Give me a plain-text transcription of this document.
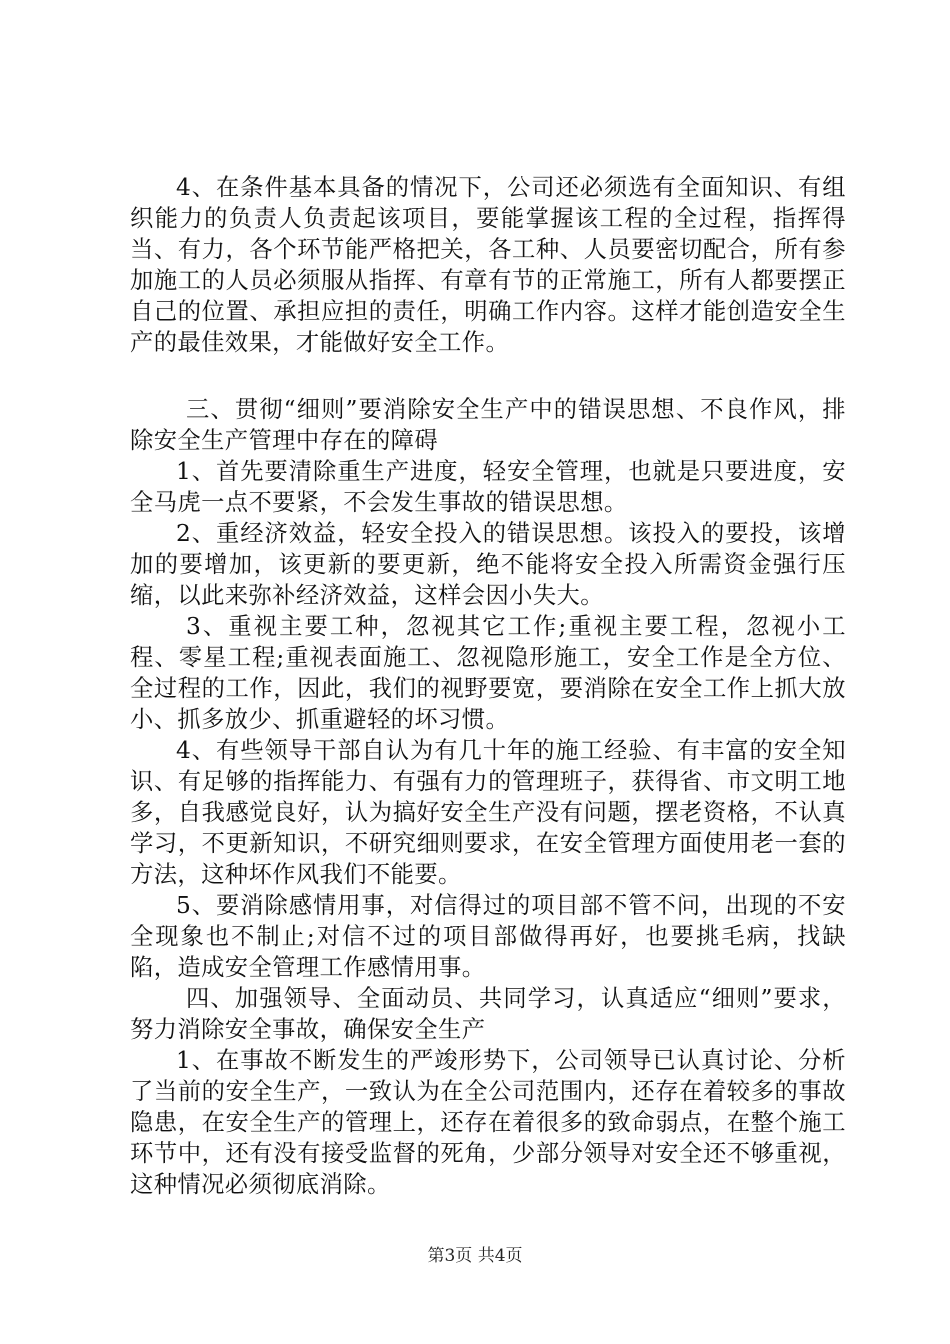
4、在条件基本具备的情况下，公司还必须选有全面知识、有组织能力的负责人负责起该项目，要能掌握该工程的全过程，指挥得当、有力，各个环节能严格把关，各工种、人员要密切配合，所有参加施工的人员必须服从指挥、有章有节的正常施工，所有人都要摆正自己的位置、承担应担的责任，明确工作内容。这样才能创造安全生产的最佳效果，才能做好安全工作。

三、贯彻“细则”要消除安全生产中的错误思想、不良作风，排除安全生产管理中存在的障碍

1、首先要清除重生产进度，轻安全管理，也就是只要进度，安全马虎一点不要紧，不会发生事故的错误思想。

2、重经济效益，轻安全投入的错误思想。该投入的要投，该增加的要增加，该更新的要更新，绝不能将安全投入所需资金强行压缩，以此来弥补经济效益，这样会因小失大。

3、重视主要工种，忽视其它工作;重视主要工程，忽视小工程、零星工程;重视表面施工、忽视隐形施工，安全工作是全方位、全过程的工作，因此，我们的视野要宽，要消除在安全工作上抓大放小、抓多放少、抓重避轻的坏习惯。

4、有些领导干部自认为有几十年的施工经验、有丰富的安全知识、有足够的指挥能力、有强有力的管理班子，获得省、市文明工地多，自我感觉良好，认为搞好安全生产没有问题，摆老资格，不认真学习，不更新知识，不研究细则要求，在安全管理方面使用老一套的方法，这种坏作风我们不能要。

5、要消除感情用事，对信得过的项目部不管不问，出现的不安全现象也不制止;对信不过的项目部做得再好，也要挑毛病，找缺陷，造成安全管理工作感情用事。

四、加强领导、全面动员、共同学习，认真适应“细则”要求，努力消除安全事故，确保安全生产

1、在事故不断发生的严竣形势下，公司领导已认真讨论、分析了当前的安全生产，一致认为在全公司范围内，还存在着较多的事故隐患，在安全生产的管理上，还存在着很多的致命弱点，在整个施工环节中，还有没有接受监督的死角，少部分领导对安全还不够重视，这种情况必须彻底消除。

第3页 共4页
